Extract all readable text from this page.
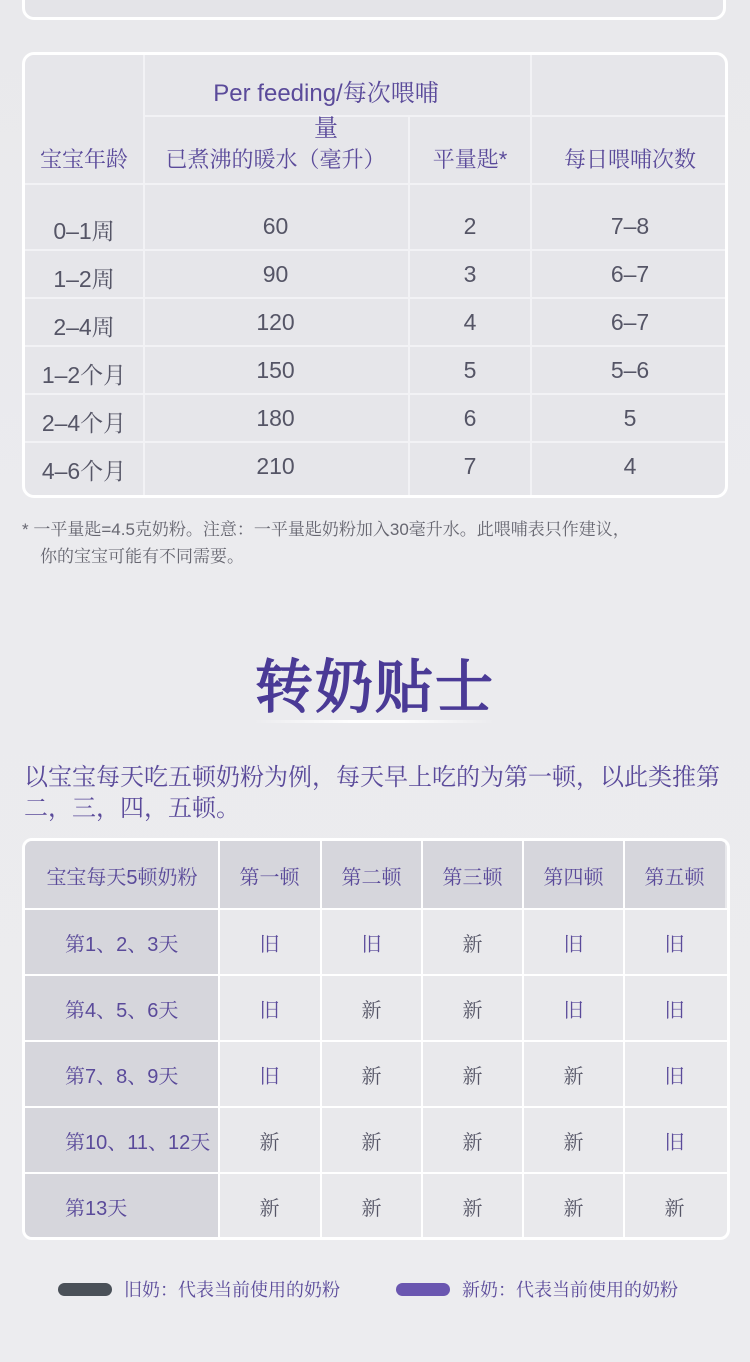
Per feeding/每次喂哺量
宝宝年龄	已煮沸的暖水（毫升）	平量匙*	每日喂哺次数
0–1周	60	2	7–8
1–2周	90	3	6–7
2–4周	120	4	6–7
1–2个月	150	5	5–6
2–4个月	180	6	5
4–6个月	210	7	4
* 一平量匙=4.5克奶粉。注意：一平量匙奶粉加入30毫升水。此喂哺表只作建议，
你的宝宝可能有不同需要。
转奶贴士
以宝宝每天吃五顿奶粉为例，每天早上吃的为第一顿，以此类推第二，三，四，五顿。
宝宝每天5顿奶粉	第一顿	第二顿	第三顿	第四顿	第五顿
第1、2、3天	旧	旧	新	旧	旧
第4、5、6天	旧	新	新	旧	旧
第7、8、9天	旧	新	新	新	旧
第10、11、12天	新	新	新	新	旧
第13天	新	新	新	新	新
旧奶：代表当前使用的奶粉	新奶：代表当前使用的奶粉
